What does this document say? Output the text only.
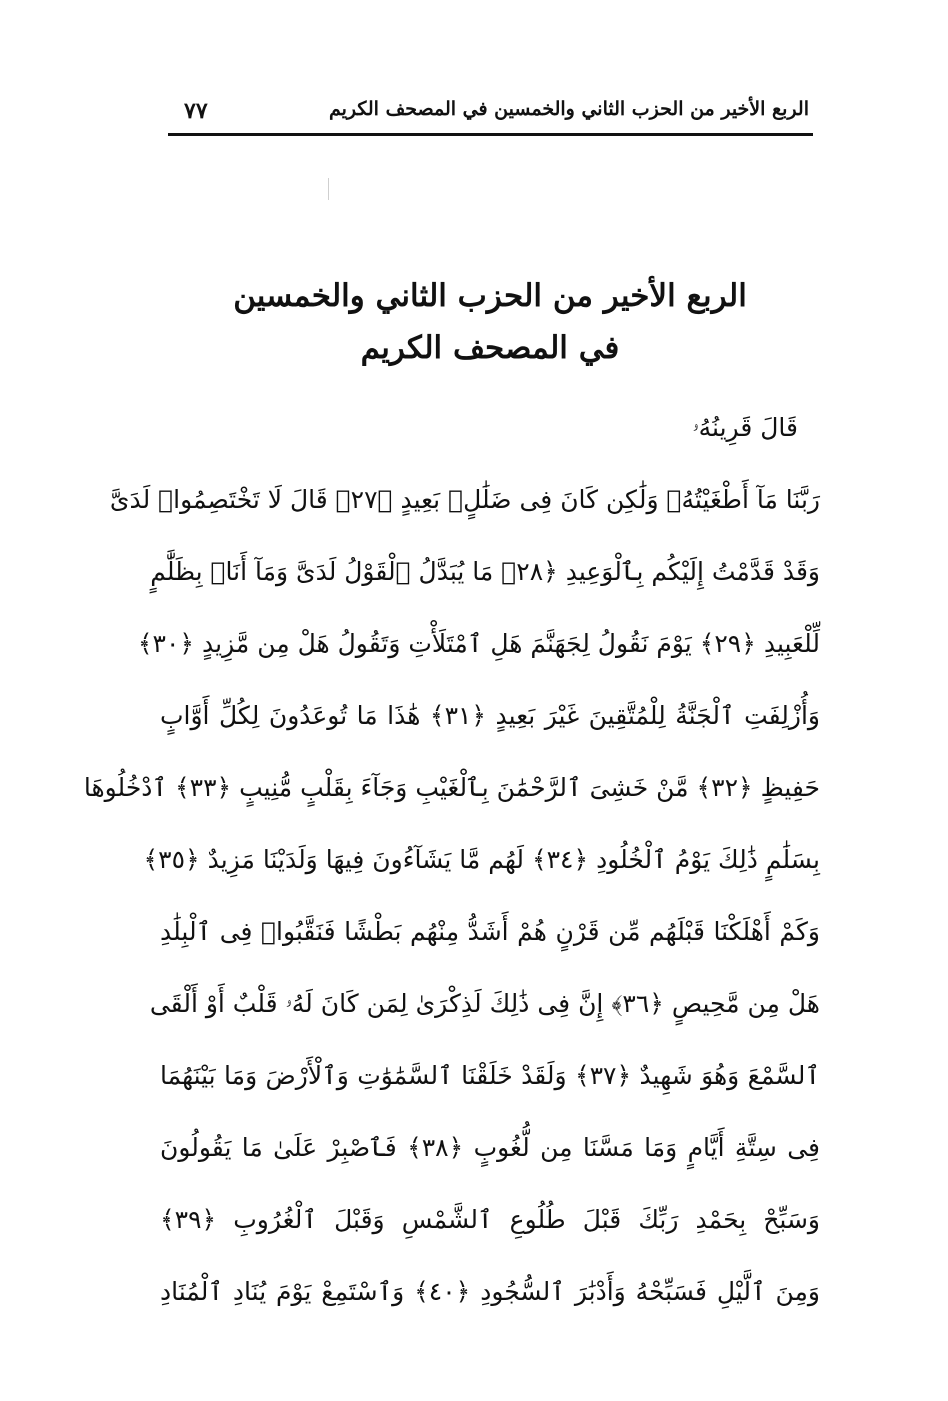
الربع الأخير من الحزب الثاني والخمسين في المصحف الكريم
٧٧
الربع الأخير من الحزب الثاني والخمسين
في المصحف الكريم
قَالَ قَرِينُهُۥ
رَبَّنَا مَآ أَطْغَيْتُهُۥ وَلَٰكِن كَانَ فِى ضَلَٰلٍۭ بَعِيدٍ ﴿٢٧﴾ قَالَ لَا تَخْتَصِمُوا۟ لَدَىَّ
وَقَدْ قَدَّمْتُ إِلَيْكُم بِٱلْوَعِيدِ ﴿٢٨﴾ مَا يُبَدَّلُ ٱلْقَوْلُ لَدَىَّ وَمَآ أَنَا۠ بِظَلَّٰمٍ
لِّلْعَبِيدِ ﴿٢٩﴾ يَوْمَ نَقُولُ لِجَهَنَّمَ هَلِ ٱمْتَلَأْتِ وَتَقُولُ هَلْ مِن مَّزِيدٍ ﴿٣٠﴾
وَأُزْلِفَتِ ٱلْجَنَّةُ لِلْمُتَّقِينَ غَيْرَ بَعِيدٍ ﴿٣١﴾ هَٰذَا مَا تُوعَدُونَ لِكُلِّ أَوَّابٍ
حَفِيظٍ ﴿٣٢﴾ مَّنْ خَشِىَ ٱلرَّحْمَٰنَ بِٱلْغَيْبِ وَجَآءَ بِقَلْبٍ مُّنِيبٍ ﴿٣٣﴾ ٱدْخُلُوهَا
بِسَلَٰمٍ ذَٰلِكَ يَوْمُ ٱلْخُلُودِ ﴿٣٤﴾ لَهُم مَّا يَشَآءُونَ فِيهَا وَلَدَيْنَا مَزِيدٌ ﴿٣٥﴾
وَكَمْ أَهْلَكْنَا قَبْلَهُم مِّن قَرْنٍ هُمْ أَشَدُّ مِنْهُم بَطْشًا فَنَقَّبُوا۟ فِى ٱلْبِلَٰدِ
هَلْ مِن مَّحِيصٍ ﴿٣٦﴾ إِنَّ فِى ذَٰلِكَ لَذِكْرَىٰ لِمَن كَانَ لَهُۥ قَلْبٌ أَوْ أَلْقَى
ٱلسَّمْعَ وَهُوَ شَهِيدٌ ﴿٣٧﴾ وَلَقَدْ خَلَقْنَا ٱلسَّمَٰوَٰتِ وَٱلْأَرْضَ وَمَا بَيْنَهُمَا
فِى سِتَّةِ أَيَّامٍ وَمَا مَسَّنَا مِن لُّغُوبٍ ﴿٣٨﴾ فَٱصْبِرْ عَلَىٰ مَا يَقُولُونَ
وَسَبِّحْ بِحَمْدِ رَبِّكَ قَبْلَ طُلُوعِ ٱلشَّمْسِ وَقَبْلَ ٱلْغُرُوبِ ﴿٣٩﴾
وَمِنَ ٱلَّيْلِ فَسَبِّحْهُ وَأَدْبَٰرَ ٱلسُّجُودِ ﴿٤٠﴾ وَٱسْتَمِعْ يَوْمَ يُنَادِ ٱلْمُنَادِ
